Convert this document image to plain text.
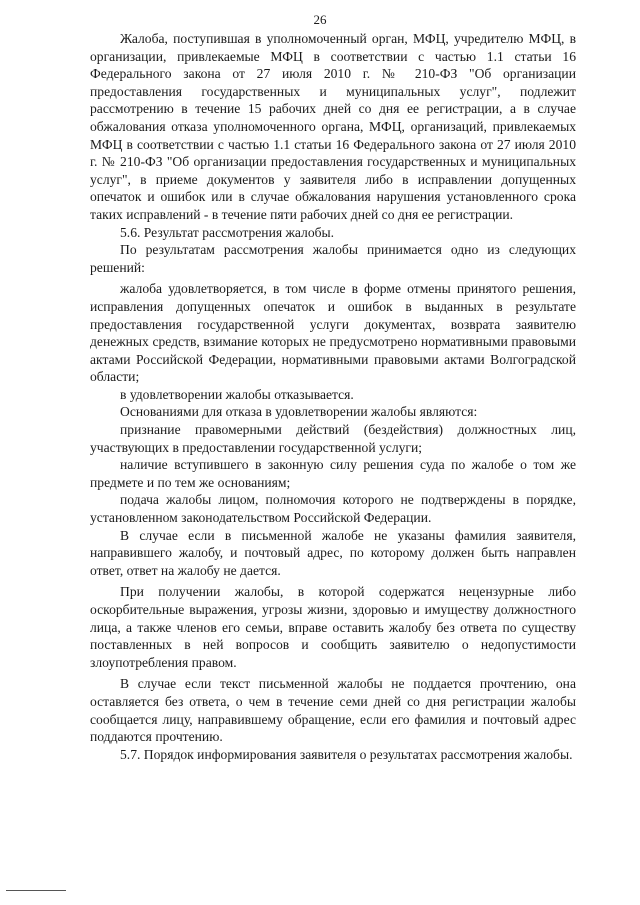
26

Жалоба, поступившая в уполномоченный орган, МФЦ, учредителю МФЦ, в организации, привлекаемые МФЦ в соответствии с частью 1.1 статьи 16 Федерального закона от 27 июля 2010 г. № 210-ФЗ "Об организации предоставления государственных и муниципальных услуг", подлежит рассмотрению в течение 15 рабочих дней со дня ее регистрации, а в случае обжалования отказа уполномоченного органа, МФЦ, организаций, привлекаемых МФЦ в соответствии с частью 1.1 статьи 16 Федерального закона от 27 июля 2010 г. № 210-ФЗ "Об организации предоставления государственных и муниципальных услуг", в приеме документов у заявителя либо в исправлении допущенных опечаток и ошибок или в случае обжалования нарушения установленного срока таких исправлений - в течение пяти рабочих дней со дня ее регистрации.

5.6. Результат рассмотрения жалобы.

По результатам рассмотрения жалобы принимается одно из следующих решений:

жалоба удовлетворяется, в том числе в форме отмены принятого решения, исправления допущенных опечаток и ошибок в выданных в результате предоставления государственной услуги документах, возврата заявителю денежных средств, взимание которых не предусмотрено нормативными правовыми актами Российской Федерации, нормативными правовыми актами Волгоградской области;

в удовлетворении жалобы отказывается.

Основаниями для отказа в удовлетворении жалобы являются:

признание правомерными действий (бездействия) должностных лиц, участвующих в предоставлении государственной услуги;

наличие вступившего в законную силу решения суда по жалобе о том же предмете и по тем же основаниям;

подача жалобы лицом, полномочия которого не подтверждены в порядке, установленном законодательством Российской Федерации.

В случае если в письменной жалобе не указаны фамилия заявителя, направившего жалобу, и почтовый адрес, по которому должен быть направлен ответ, ответ на жалобу не дается.

При получении жалобы, в которой содержатся нецензурные либо оскорбительные выражения, угрозы жизни, здоровью и имуществу должностного лица, а также членов его семьи, вправе оставить жалобу без ответа по существу поставленных в ней вопросов и сообщить заявителю о недопустимости злоупотребления правом.

В случае если текст письменной жалобы не поддается прочтению, она оставляется без ответа, о чем в течение семи дней со дня регистрации жалобы сообщается лицу, направившему обращение, если его фамилия и почтовый адрес поддаются прочтению.

5.7. Порядок информирования заявителя о результатах рассмотрения жалобы.
